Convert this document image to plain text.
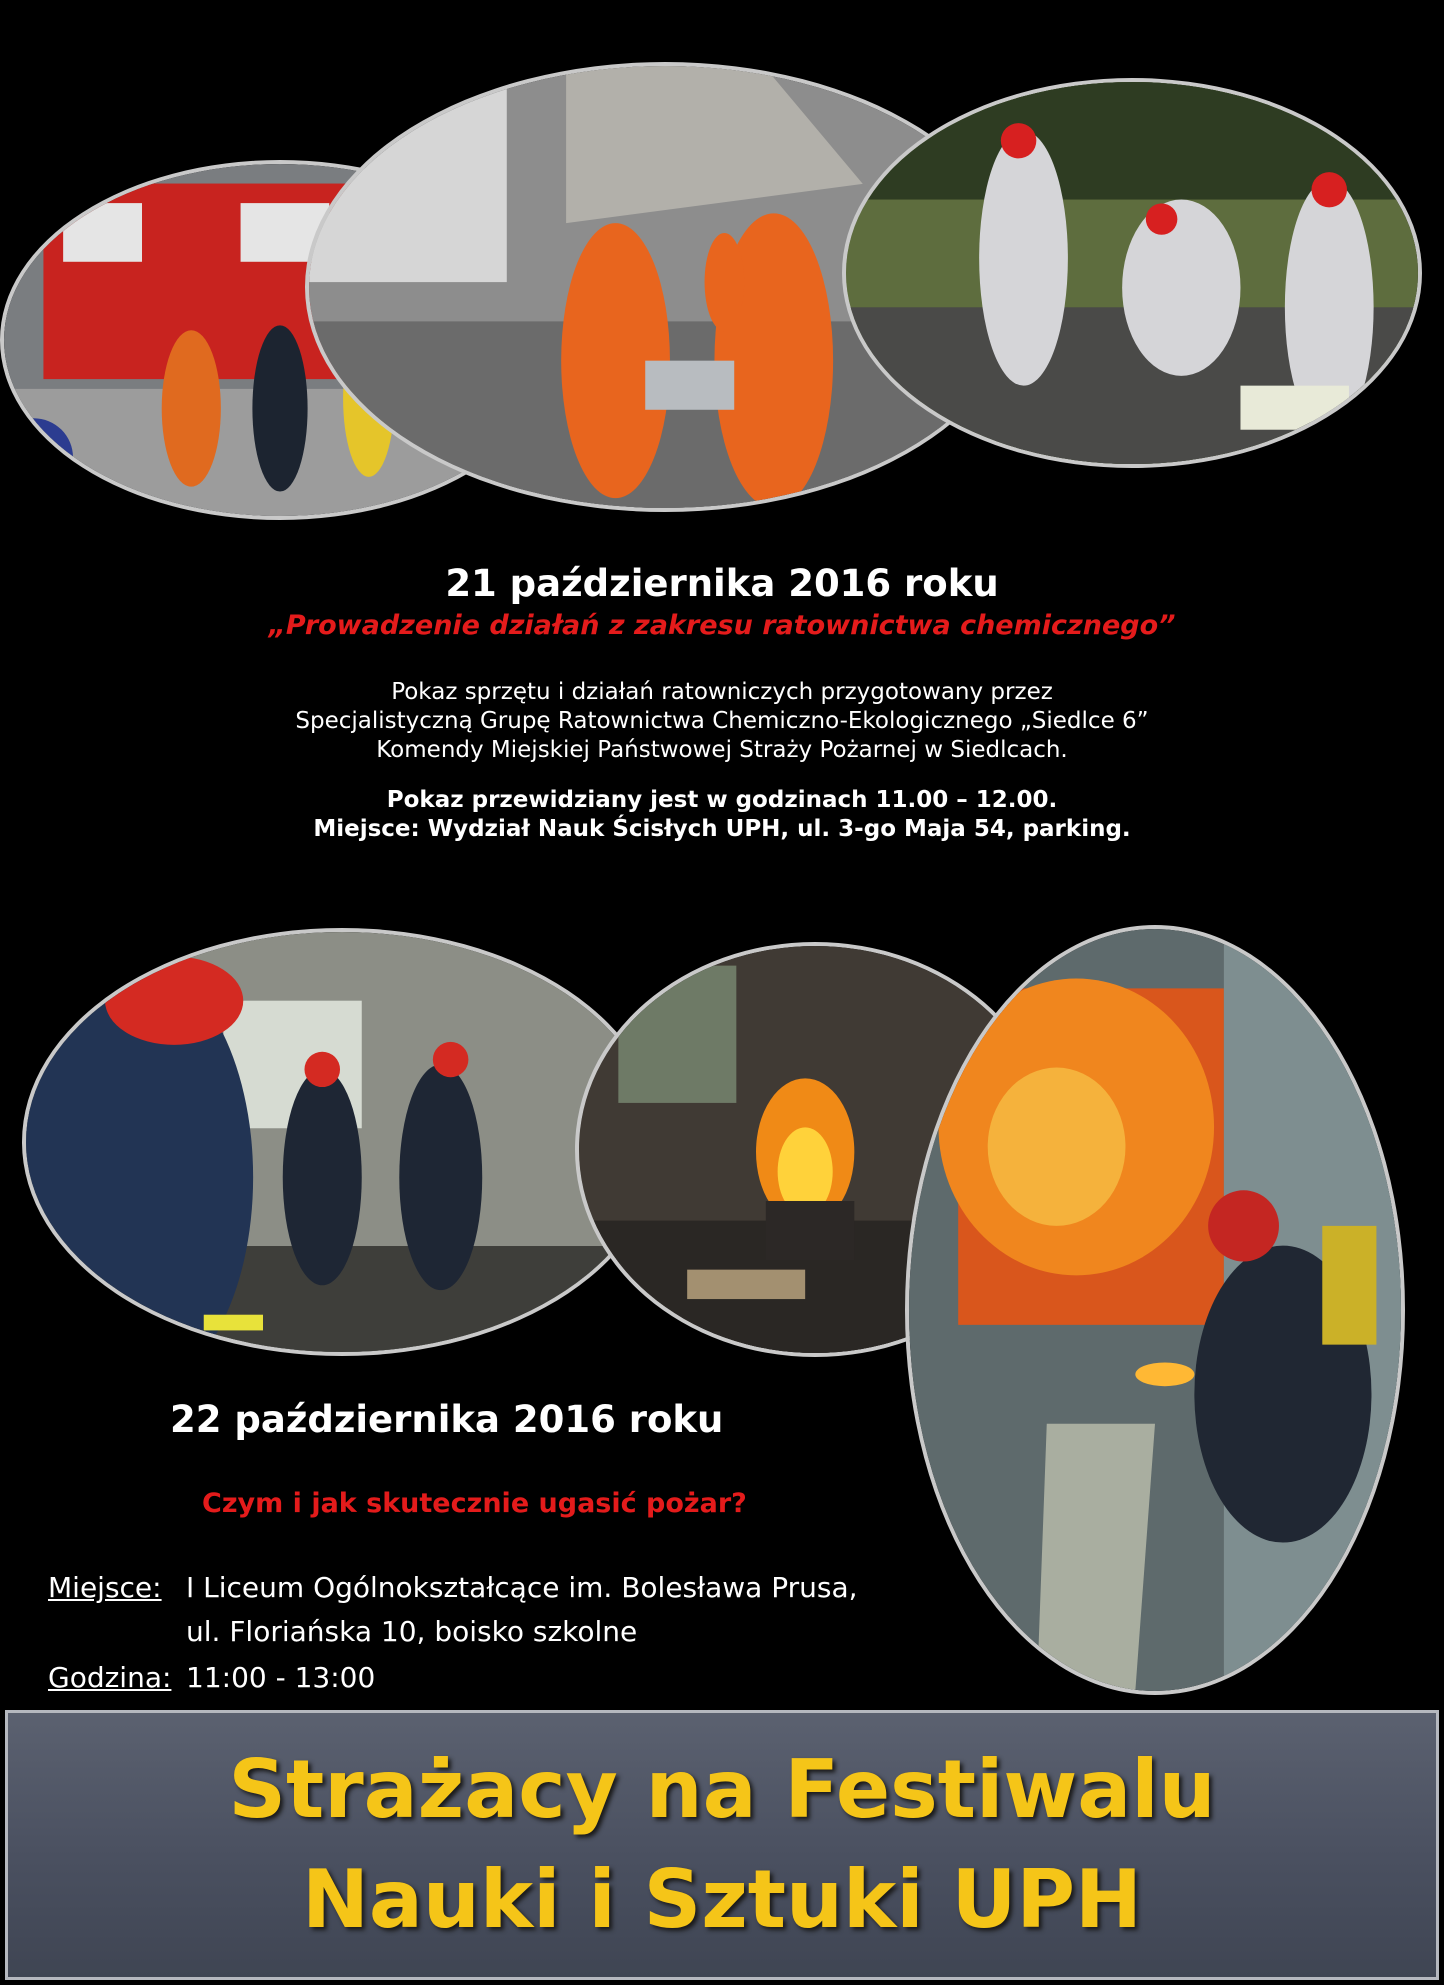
21 października 2016 roku
„Prowadzenie działań z zakresu ratownictwa chemicznego”
Pokaz sprzętu i działań ratowniczych przygotowany przez
Specjalistyczną Grupę Ratownictwa Chemiczno-Ekologicznego „Siedlce 6”
Komendy Miejskiej Państwowej Straży Pożarnej w Siedlcach.
Pokaz przewidziany jest w godzinach 11.00 – 12.00.
Miejsce: Wydział Nauk Ścisłych UPH, ul. 3-go Maja 54, parking.
22 października 2016 roku
Czym i jak skutecznie ugasić pożar?
Miejsce: I Liceum Ogólnokształcące im. Bolesława Prusa,
ul. Floriańska 10, boisko szkolne
Godzina: 11:00 - 13:00
Strażacy na Festiwalu
Nauki i Sztuki UPH
